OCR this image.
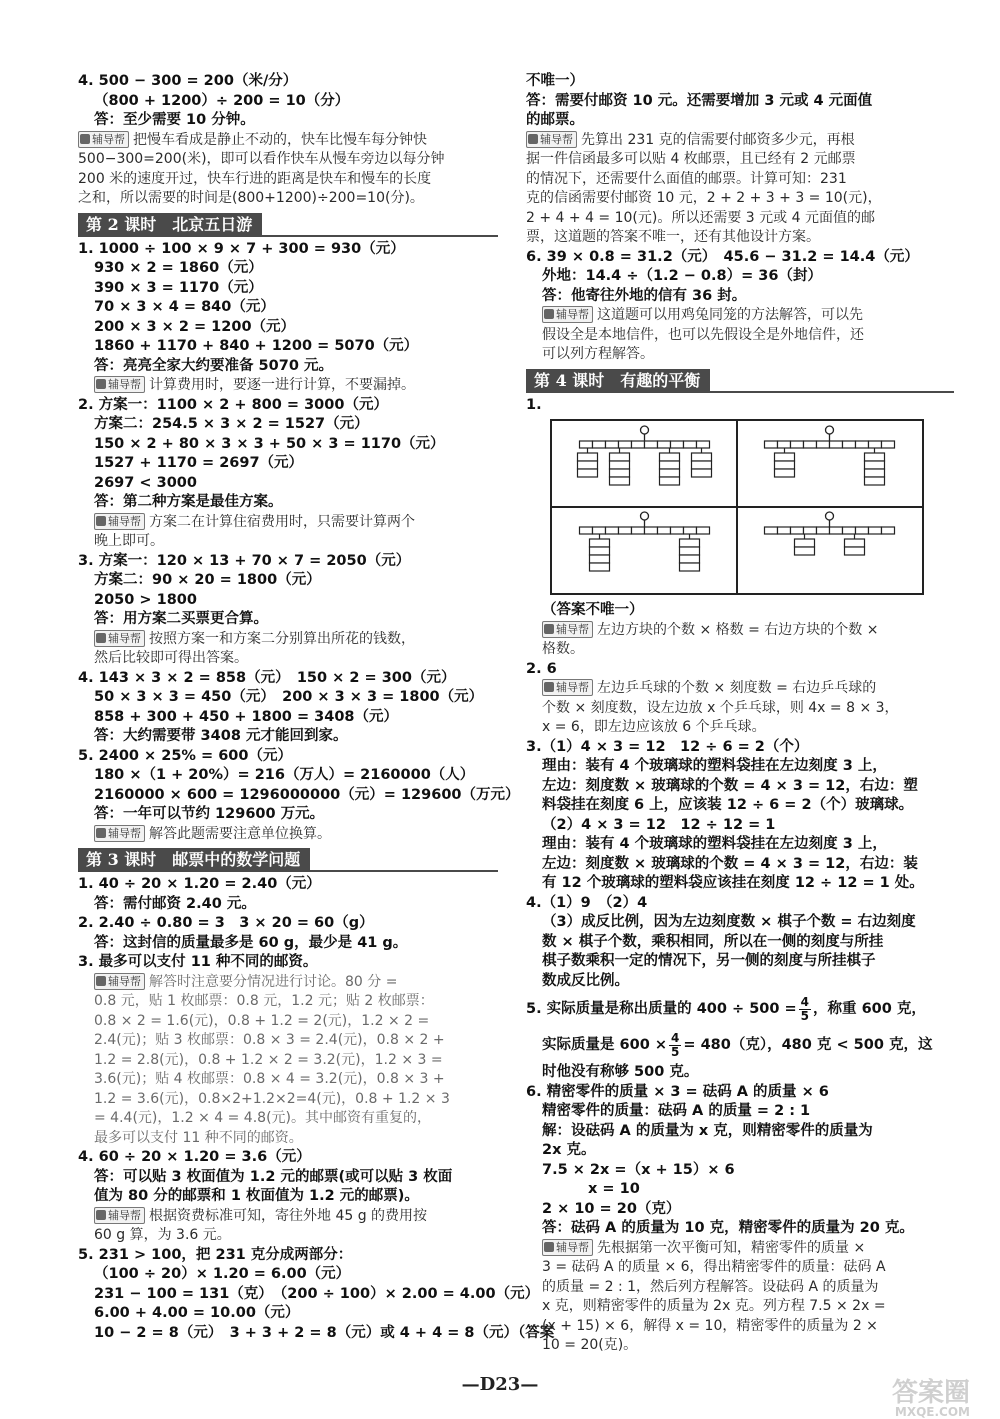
4. 500 − 300 = 200（米/分）
（800 + 1200）÷ 200 = 10（分）
答：至少需要 10 分钟。
辅导帮 把慢车看成是静止不动的，快车比慢车每分钟快
500−300=200(米)，即可以看作快车从慢车旁边以每分钟
200 米的速度开过，快车行进的距离是快车和慢车的长度
之和，所以需要的时间是(800+1200)÷200=10(分)。
第 2 课时　北京五日游
1. 1000 ÷ 100 × 9 × 7 + 300 = 930（元）
930 × 2 = 1860（元）
390 × 3 = 1170（元）
70 × 3 × 4 = 840（元）
200 × 3 × 2 = 1200（元）
1860 + 1170 + 840 + 1200 = 5070（元）
答：亮亮全家大约要准备 5070 元。
辅导帮 计算费用时，要逐一进行计算，不要漏掉。
2. 方案一：1100 × 2 + 800 = 3000（元）
方案二：254.5 × 3 × 2 = 1527（元）
150 × 2 + 80 × 3 × 3 + 50 × 3 = 1170（元）
1527 + 1170 = 2697（元）
2697 < 3000
答：第二种方案是最佳方案。
辅导帮 方案二在计算住宿费用时，只需要计算两个
晚上即可。
3. 方案一：120 × 13 + 70 × 7 = 2050（元）
方案二：90 × 20 = 1800（元）
2050 > 1800
答：用方案二买票更合算。
辅导帮 按照方案一和方案二分别算出所花的钱数，
然后比较即可得出答案。
4. 143 × 3 × 2 = 858（元）　150 × 2 = 300（元）
50 × 3 × 3 = 450（元）　200 × 3 × 3 = 1800（元）
858 + 300 + 450 + 1800 = 3408（元）
答：大约需要带 3408 元才能回到家。
5. 2400 × 25% = 600（元）
180 ×（1 + 20%）= 216（万人）= 2160000（人）
2160000 × 600 = 1296000000（元）= 129600（万元）
答：一年可以节约 129600 万元。
辅导帮 解答此题需要注意单位换算。
第 3 课时　邮票中的数学问题
1. 40 ÷ 20 × 1.20 = 2.40（元）
答：需付邮资 2.40 元。
2. 2.40 ÷ 0.80 = 3　3 × 20 = 60（g）
答：这封信的质量最多是 60 g，最少是 41 g。
3. 最多可以支付 11 种不同的邮资。
辅导帮 解答时注意要分情况进行讨论。80 分 =
0.8 元，贴 1 枚邮票：0.8 元，1.2 元；贴 2 枚邮票：
0.8 × 2 = 1.6(元)，0.8 + 1.2 = 2(元)，1.2 × 2 =
2.4(元)；贴 3 枚邮票：0.8 × 3 = 2.4(元)，0.8 × 2 +
1.2 = 2.8(元)，0.8 + 1.2 × 2 = 3.2(元)，1.2 × 3 =
3.6(元)；贴 4 枚邮票：0.8 × 4 = 3.2(元)，0.8 × 3 +
1.2 = 3.6(元)，0.8×2+1.2×2=4(元)，0.8 + 1.2 × 3
= 4.4(元)，1.2 × 4 = 4.8(元)。其中邮资有重复的，
最多可以支付 11 种不同的邮资。
4. 60 ÷ 20 × 1.20 = 3.6（元）
答：可以贴 3 枚面值为 1.2 元的邮票(或可以贴 3 枚面
值为 80 分的邮票和 1 枚面值为 1.2 元的邮票)。
辅导帮 根据资费标准可知，寄往外地 45 g 的费用按
60 g 算，为 3.6 元。
5. 231 > 100，把 231 克分成两部分：
（100 ÷ 20）× 1.20 = 6.00（元）
231 − 100 = 131（克）　（200 ÷ 100）× 2.00 = 4.00（元）
6.00 + 4.00 = 10.00（元）
10 − 2 = 8（元）　3 + 3 + 2 = 8（元）或 4 + 4 = 8（元）（答案
不唯一）
答：需要付邮资 10 元。还需要增加 3 元或 4 元面值
的邮票。
辅导帮 先算出 231 克的信需要付邮资多少元，再根
据一件信函最多可以贴 4 枚邮票，且已经有 2 元邮票
的情况下，还需要什么面值的邮票。计算可知：231
克的信函需要付邮资 10 元，2 + 2 + 3 + 3 = 10(元)，
2 + 4 + 4 = 10(元)。所以还需要 3 元或 4 元面值的邮
票，这道题的答案不唯一，还有其他设计方案。
6. 39 × 0.8 = 31.2（元）　45.6 − 31.2 = 14.4（元）
外地：14.4 ÷（1.2 − 0.8）= 36（封）
答：他寄往外地的信有 36 封。
辅导帮 这道题可以用鸡兔同笼的方法解答，可以先
假设全是本地信件，也可以先假设全是外地信件，还
可以列方程解答。
第 4 课时　有趣的平衡
1.
（答案不唯一）
辅导帮 左边方块的个数 × 格数 = 右边方块的个数 ×
格数。
2. 6
辅导帮 左边乒乓球的个数 × 刻度数 = 右边乒乓球的
个数 × 刻度数，设左边放 x 个乒乓球，则 4x = 8 × 3，
x = 6，即左边应该放 6 个乒乓球。
3.（1）4 × 3 = 12　12 ÷ 6 = 2（个）
理由：装有 4 个玻璃球的塑料袋挂在左边刻度 3 上，
左边：刻度数 × 玻璃球的个数 = 4 × 3 = 12，右边：塑
料袋挂在刻度 6 上，应该装 12 ÷ 6 = 2（个）玻璃球。
（2）4 × 3 = 12　12 ÷ 12 = 1
理由：装有 4 个玻璃球的塑料袋挂在左边刻度 3 上，
左边：刻度数 × 玻璃球的个数 = 4 × 3 = 12，右边：装
有 12 个玻璃球的塑料袋应该挂在刻度 12 ÷ 12 = 1 处。
4.（1）9　（2）4
（3）成反比例，因为左边刻度数 × 棋子个数 = 右边刻度
数 × 棋子个数，乘积相同，所以在一侧的刻度与所挂
棋子数乘积一定的情况下，另一侧的刻度与所挂棋子
数成反比例。
5. 实际质量是称出质量的 $400 \div 500 = \frac{4}{5}$ ，称重 600 克，
实际质量是 $600 \times \frac{4}{5} = 480$（克），480 克 < 500 克，这
时他没有称够 500 克。
6. 精密零件的质量 × 3 = 砝码 A 的质量 × 6
精密零件的质量：砝码 A 的质量 = 2 : 1
解：设砝码 A 的质量为 x 克，则精密零件的质量为
2x 克。
7.5 × 2x =（x + 15）× 6
x = 10
2 × 10 = 20（克）
答：砝码 A 的质量为 10 克，精密零件的质量为 20 克。
辅导帮 先根据第一次平衡可知，精密零件的质量 ×
3 = 砝码 A 的质量 × 6，得出精密零件的质量：砝码 A
的质量 = 2 : 1，然后列方程解答。设砝码 A 的质量为
x 克，则精密零件的质量为 2x 克。列方程 7.5 × 2x =
(x + 15) × 6，解得 x = 10，精密零件的质量为 2 ×
10 = 20(克)。
—D23—	答案圈
MXQE.COM
